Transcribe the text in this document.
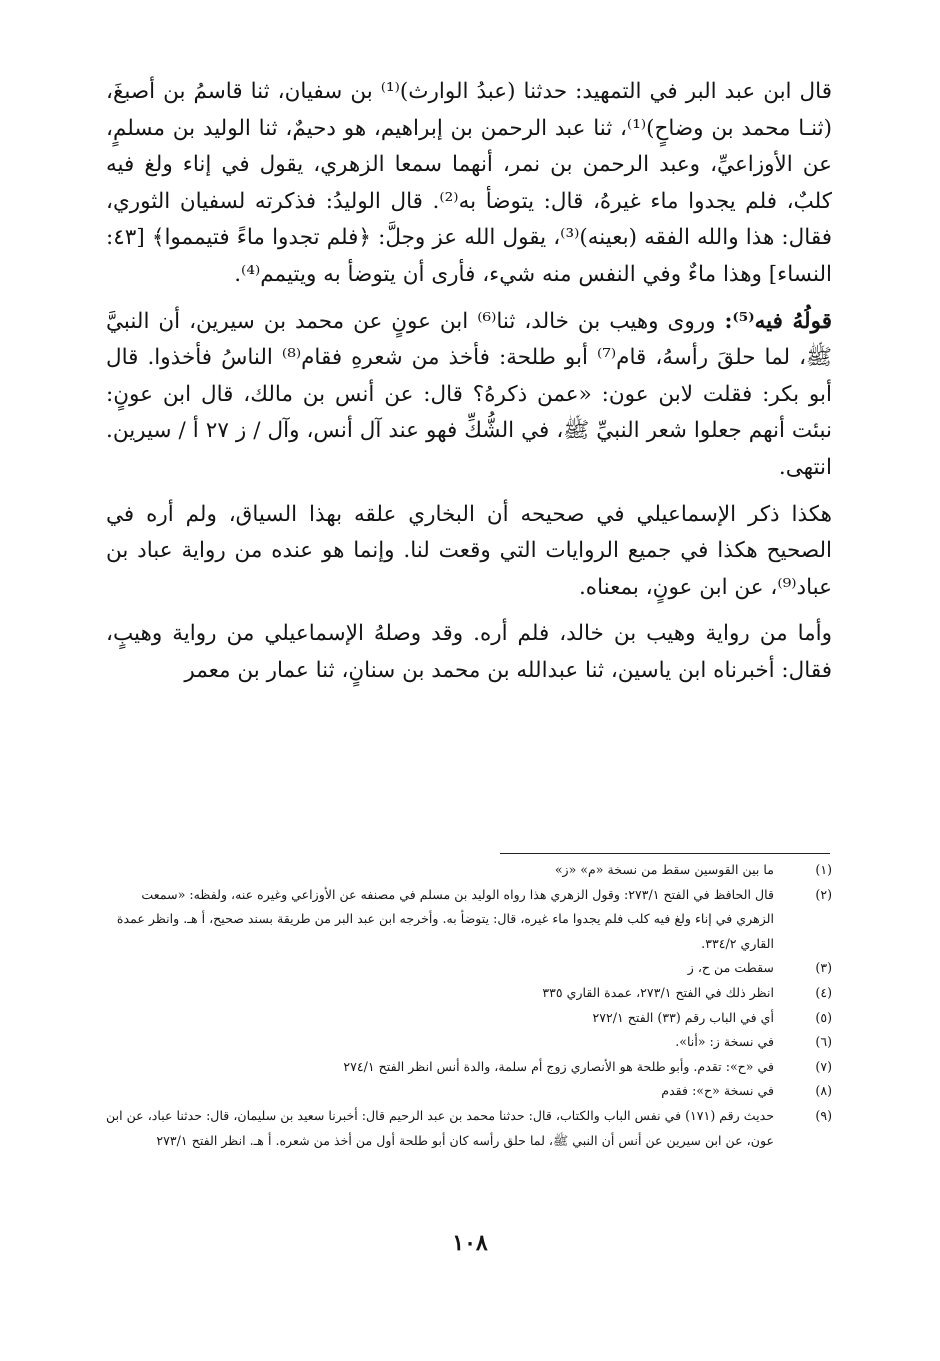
قال ابن عبد البر في التمهيد: حدثنا (عبدُ الوارث)⁽¹⁾ بن سفيان، ثنا قاسمُ بن أصبغَ، (ثنـا محمد بن وضاحٍ)⁽¹⁾، ثنا عبد الرحمن بن إبراهيم، هو دحيمٌ، ثنا الوليد بن مسلمٍ، عن الأوزاعيِّ، وعبد الرحمن بن نمر، أنهما سمعا الزهري، يقول في إناء ولغ فيه كلبٌ، فلم يجدوا ماء غيرهُ، قال: يتوضأ به⁽²⁾. قال الوليدُ: فذكرته لسفيان الثوري، فقال: هذا والله الفقه (بعينه)⁽³⁾، يقول الله عز وجلَّ: ﴿فلم تجدوا ماءً فتيمموا﴾ [٤٣: النساء] وهذا ماءٌ وفي النفس منه شيء، فأرى أن يتوضأ به ويتيمم⁽⁴⁾.

قولُهُ فيه⁽⁵⁾: وروى وهيب بن خالد، ثنا⁽⁶⁾ ابن عونٍ عن محمد بن سيرين، أن النبيَّ ﷺ، لما حلقَ رأسهُ، قام⁽⁷⁾ أبو طلحة: فأخذ من شعرهِ فقام⁽⁸⁾ الناسُ فأخذوا. قال أبو بكر: فقلت لابن عون: «عمن ذكرهُ؟ قال: عن أنس بن مالك، قال ابن عونٍ: نبئت أنهم جعلوا شعر النبيِّ ﷺ، في الشُّكِّ فهو عند آل أنس، وآل / ز ٢٧ أ / سيرين. انتهى.

هكذا ذكر الإسماعيلي في صحيحه أن البخاري علقه بهذا السياق، ولم أره في الصحيح هكذا في جميع الروايات التي وقعت لنا. وإنما هو عنده من رواية عباد بن عباد⁽⁹⁾، عن ابن عونٍ، بمعناه.

وأما من رواية وهيب بن خالد، فلم أره. وقد وصلهُ الإسماعيلي من رواية وهيبٍ، فقال: أخبرناه ابن ياسين، ثنا عبدالله بن محمد بن سنانٍ، ثنا عمار بن معمر

(١)
ما بين القوسين سقط من نسخة «م» «ز»
(٢)
قال الحافظ في الفتح ٢٧٣/١: وقول الزهري هذا رواه الوليد بن مسلم في مصنفه عن الأوزاعي وغيره عنه، ولفظه: «سمعت الزهري في إناء ولغ فيه كلب فلم يجدوا ماء غيره، قال: يتوضأ به. وأخرجه ابن عبد البر من طريقة بسند صحيح، أ هـ. وانظر عمدة القاري ٣٣٤/٢.
(٣)
سقطت من ح، ز
(٤)
انظر ذلك في الفتح ٢٧٣/١، عمدة القاري ٣٣٥
(٥)
أي في الباب رقم (٣٣) الفتح ٢٧٢/١
(٦)
في نسخة ز: «أنا».
(٧)
في «ح»: تقدم. وأبو طلحة هو الأنصاري زوج أم سلمة، والدة أنس انظر الفتح ٢٧٤/١
(٨)
في نسخة «ح»: فقدم
(٩)
حديث رقم (١٧١) في نفس الباب والكتاب، قال: حدثنا محمد بن عبد الرحيم قال: أخبرنا سعيد بن سليمان، قال: حدثنا عباد، عن ابن عون، عن ابن سيرين عن أنس أن النبي ﷺ، لما حلق رأسه كان أبو طلحة أول من أخذ من شعره. أ هـ. انظر الفتح ٢٧٣/١
١٠٨
